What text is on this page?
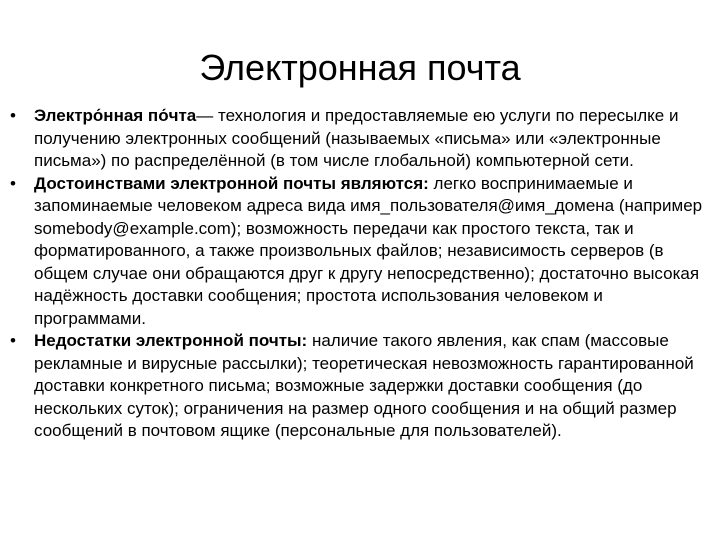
Электронная почта
• Электро́нная по́чта— технология и предоставляемые ею услуги по пересылке и получению электронных сообщений (называемых «письма» или «электронные письма») по распределённой (в том числе глобальной) компьютерной сети.
• Достоинствами электронной почты являются: легко воспринимаемые и запоминаемые человеком адреса вида имя_пользователя@имя_домена (например somebody@example.com); возможность передачи как простого текста, так и форматированного, а также произвольных файлов; независимость серверов (в общем случае они обращаются друг к другу непосредственно); достаточно высокая надёжность доставки сообщения; простота использования человеком и программами.
• Недостатки электронной почты: наличие такого явления, как спам (массовые рекламные и вирусные рассылки); теоретическая невозможность гарантированной доставки конкретного письма; возможные задержки доставки сообщения (до нескольких суток); ограничения на размер одного сообщения и на общий размер сообщений в почтовом ящике (персональные для пользователей).
